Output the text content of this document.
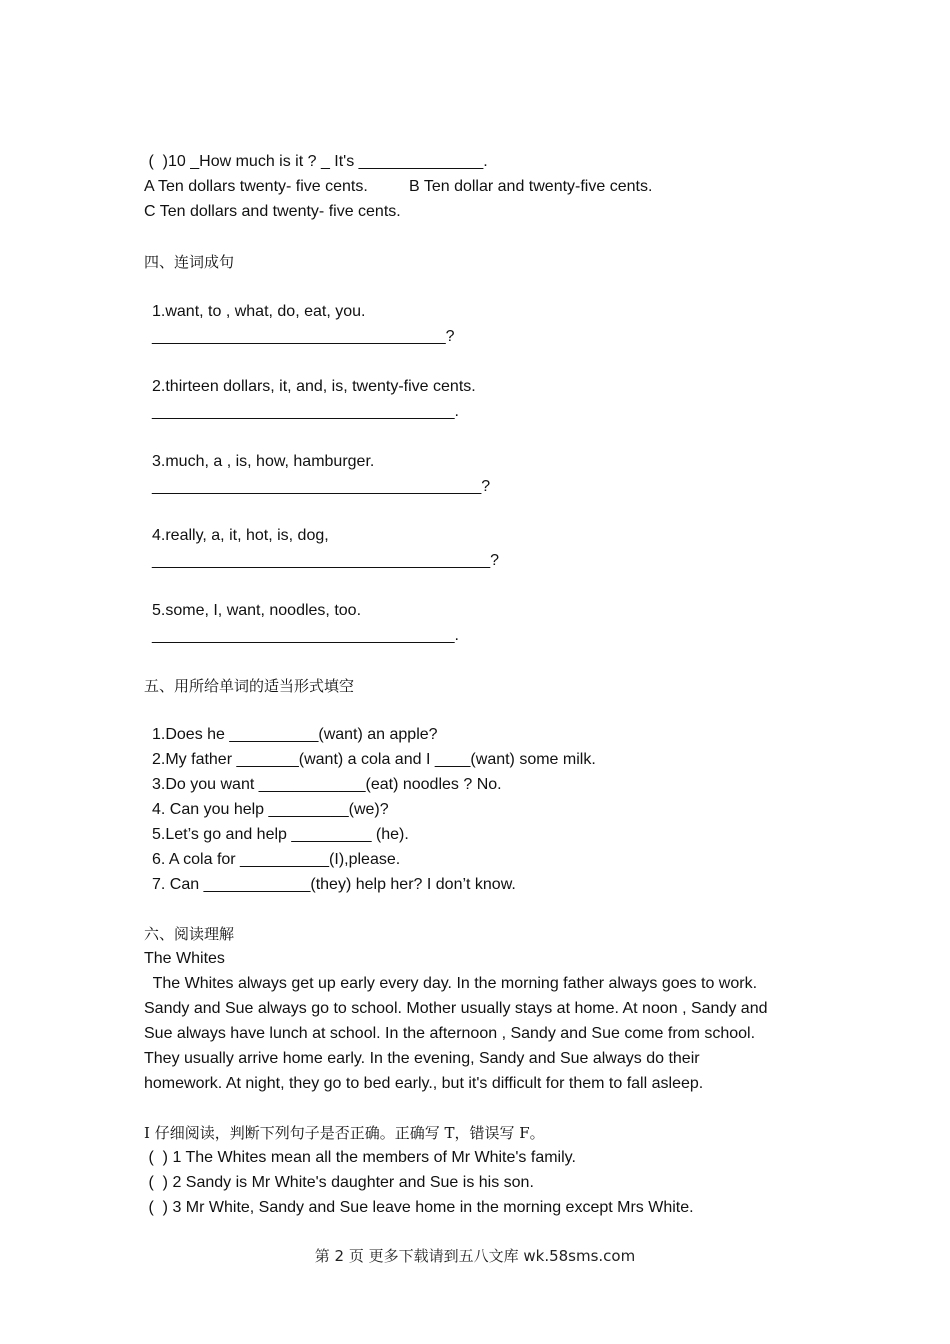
(  )10 _How much is it ? _ It's ______________.
A Ten dollars twenty- five cents.	B Ten dollar and twenty-five cents.
C Ten dollars and twenty- five cents.
四、连词成句
1.want, to , what, do, eat, you.
_________________________________?
2.thirteen dollars, it, and, is, twenty-five cents.
__________________________________.
3.much, a , is, how, hamburger.
_____________________________________?
4.really, a, it, hot, is, dog,
______________________________________?
5.some, I, want, noodles, too.
__________________________________.
五、用所给单词的适当形式填空
1.Does he __________(want) an apple?
2.My father _______(want) a cola and I ____(want) some milk.
3.Do you want ____________(eat) noodles ? No.
4. Can you help _________(we)?
5.Let’s go and help _________ (he).
6. A cola for __________(I),please.
7. Can ____________(they) help her? I don’t know.
六、阅读理解
The Whites
The Whites always get up early every day. In the morning father always goes to work.
Sandy and Sue always go to school. Mother usually stays at home. At noon , Sandy and
Sue always have lunch at school. In the afternoon , Sandy and Sue come from school.
They usually arrive home early. In the evening, Sandy and Sue always do their
homework. At night, they go to bed early., but it's difficult for them to fall asleep.
I 仔细阅读，判断下列句子是否正确。正确写 T，错误写 F。
(  ) 1 The Whites mean all the members of Mr White's family.
(  ) 2 Sandy is Mr White's daughter and Sue is his son.
(  ) 3 Mr White, Sandy and Sue leave home in the morning except Mrs White.
第 2 页 更多下载请到五八文库 wk.58sms.com
